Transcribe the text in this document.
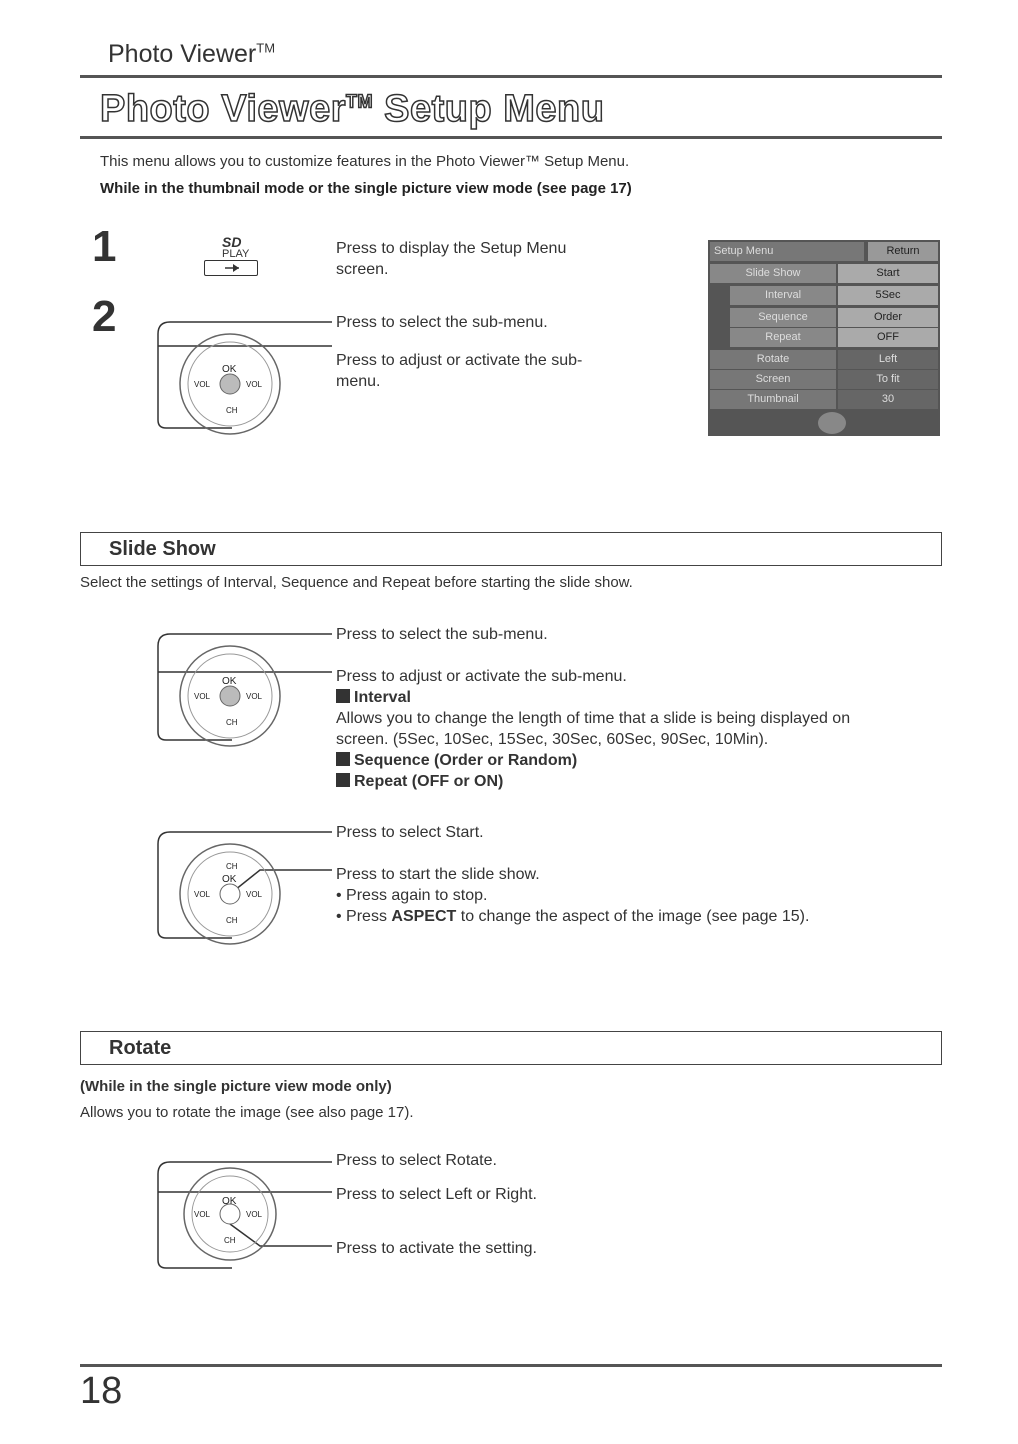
Photo Viewer™
Photo Viewer™ Setup Menu
This menu allows you to customize features in the Photo Viewer™ Setup Menu.
While in the thumbnail mode or the single picture view mode (see page 17)
1	SD
PLAY	Press to display the Setup Menu
screen.
2
OK
VOL	VOL
CH
Press to select the sub-menu.
Press to adjust or activate the sub-
menu.
Setup Menu	Return
Slide Show	Start
Interval	5Sec
Sequence	Order
Repeat	OFF
Rotate	Left
Screen	To fit
Thumbnail	30
Slide Show
Select the settings of Interval, Sequence and Repeat before starting the slide show.
OK
VOL	VOL
CH
Press to select the sub-menu.
Press to adjust or activate the sub-menu.
Interval
Allows you to change the length of time that a slide is being displayed on
screen. (5Sec, 10Sec, 15Sec, 30Sec, 60Sec, 90Sec, 10Min).
Sequence (Order or Random)
Repeat (OFF or ON)
CH
OK
VOL	VOL
CH
Press to select Start.
Press to start the slide show.
• Press again to stop.
• Press ASPECT to change the aspect of the image (see page 15).
Rotate
(While in the single picture view mode only)
Allows you to rotate the image (see also page 17).
OK
VOL	VOL
CH
Press to select Rotate.
Press to select Left or Right.
Press to activate the setting.
18
